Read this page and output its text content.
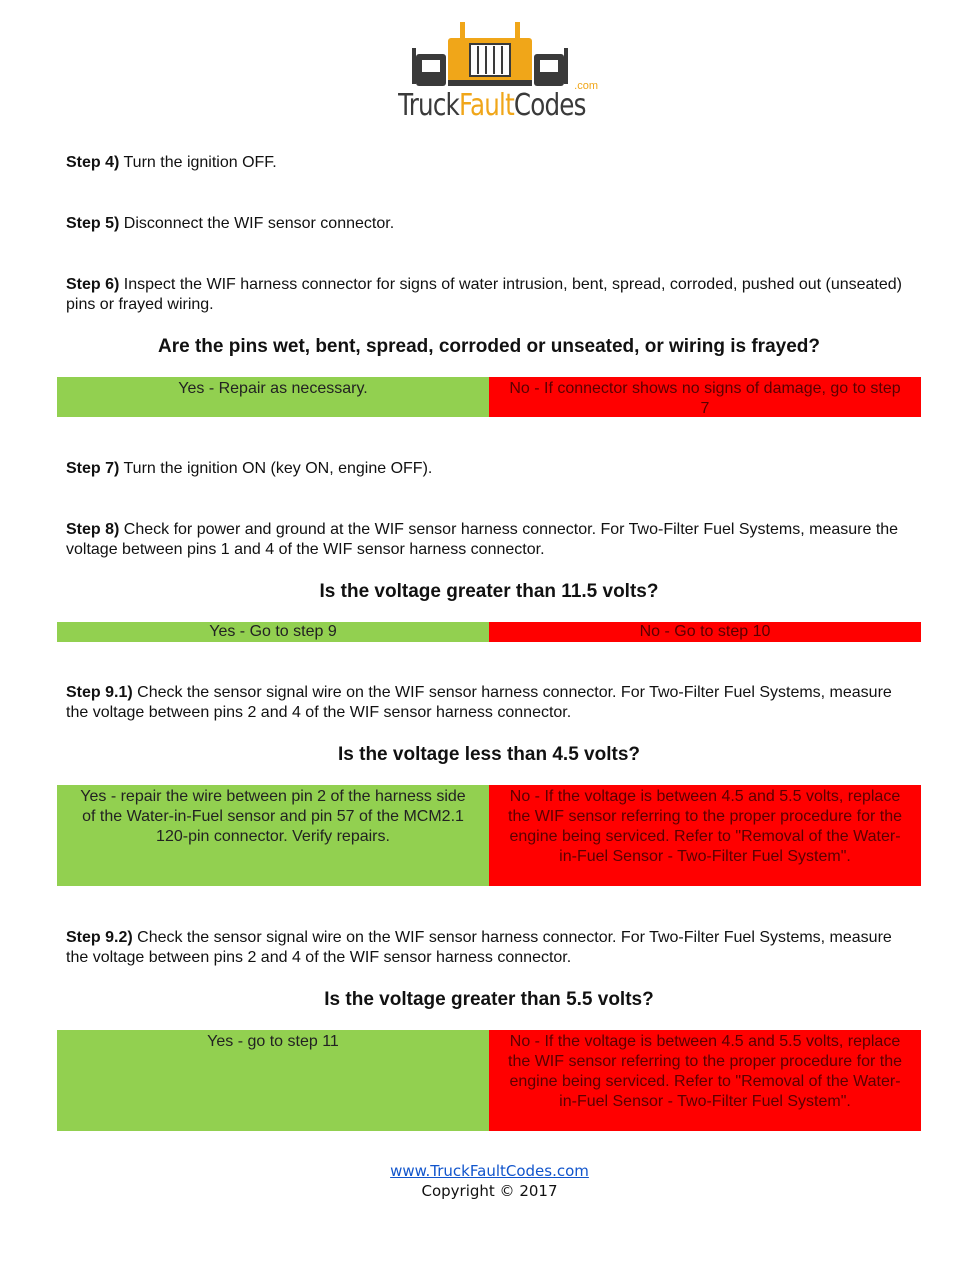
.com
TruckFaultCodes
Step 4) Turn the ignition OFF.
Step 5) Disconnect the WIF sensor connector.
Step 6) Inspect the WIF harness connector for signs of water intrusion, bent, spread, corroded, pushed out (unseated) pins or frayed wiring.
Are the pins wet, bent, spread, corroded or unseated, or wiring is frayed?
Yes - Repair as necessary.	No - If connector shows no signs of damage, go to step 7
Step 7) Turn the ignition ON (key ON, engine OFF).
Step 8) Check for power and ground at the WIF sensor harness connector. For Two-Filter Fuel Systems, measure the voltage between pins 1 and 4 of the WIF sensor harness connector.
Is the voltage greater than 11.5 volts?
Yes - Go to step 9	No - Go to step 10
Step 9.1) Check the sensor signal wire on the WIF sensor harness connector. For Two-Filter Fuel Systems, measure the voltage between pins 2 and 4 of the WIF sensor harness connector.
Is the voltage less than 4.5 volts?
Yes - repair the wire between pin 2 of the harness side of the Water-in-Fuel sensor and pin 57 of the MCM2.1 120-pin connector. Verify repairs.
No - If the voltage is between 4.5 and 5.5 volts, replace the WIF sensor referring to the proper procedure for the engine being serviced. Refer to "Removal of the Water-in-Fuel Sensor - Two-Filter Fuel System".
Step 9.2) Check the sensor signal wire on the WIF sensor harness connector. For Two-Filter Fuel Systems, measure the voltage between pins 2 and 4 of the WIF sensor harness connector.
Is the voltage greater than 5.5 volts?
Yes - go to step 11	No - If the voltage is between 4.5 and 5.5 volts, replace the WIF sensor referring to the proper procedure for the engine being serviced. Refer to "Removal of the Water-in-Fuel Sensor - Two-Filter Fuel System".
www.TruckFaultCodes.com
Copyright © 2017
